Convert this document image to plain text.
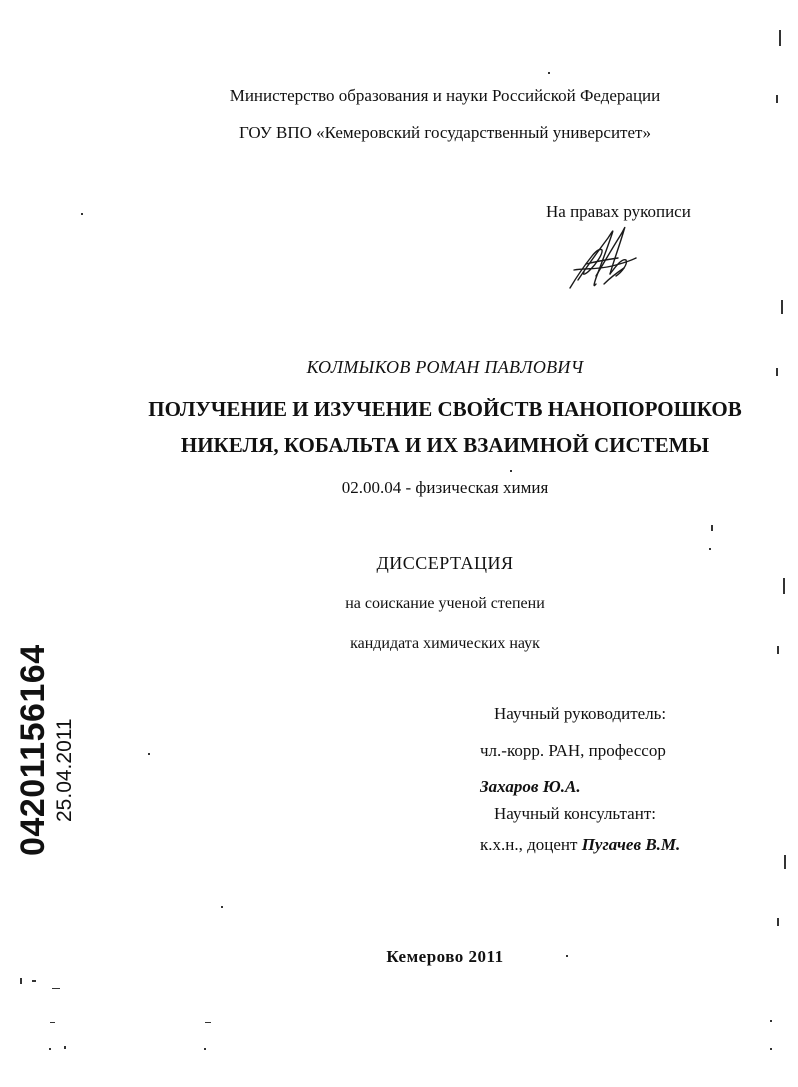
Министерство образования и науки Российской Федерации
ГОУ ВПО «Кемеровский государственный университет»
На правах рукописи
КОЛМЫКОВ РОМАН ПАВЛОВИЧ
ПОЛУЧЕНИЕ И ИЗУЧЕНИЕ СВОЙСТВ НАНОПОРОШКОВ
НИКЕЛЯ, КОБАЛЬТА И ИХ ВЗАИМНОЙ СИСТЕМЫ
02.00.04 - физическая химия
ДИССЕРТАЦИЯ
на соискание ученой степени
кандидата химических наук
Научный руководитель:
чл.-корр. РАН, профессор
Захаров Ю.А.
Научный консультант:
к.х.н., доцент Пугачев В.М.
Кемерово 2011
04201156164 25.04.2011
